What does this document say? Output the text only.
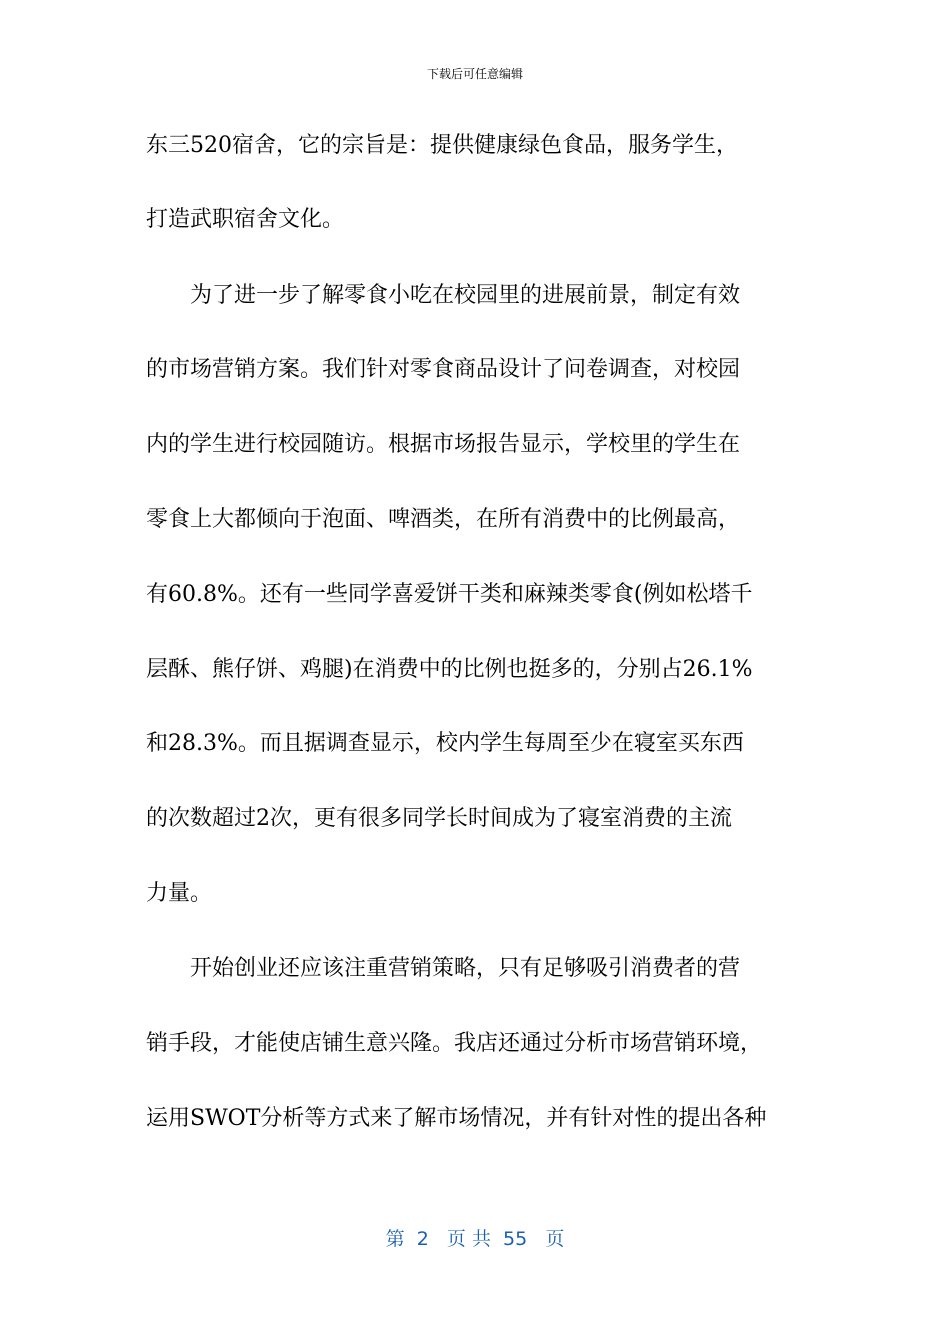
下载后可任意编辑
东三520宿舍，它的宗旨是：提供健康绿色食品，服务学生，
打造武职宿舍文化。
为了进一步了解零食小吃在校园里的进展前景，制定有效
的市场营销方案。我们针对零食商品设计了问卷调查，对校园
内的学生进行校园随访。根据市场报告显示，学校里的学生在
零食上大都倾向于泡面、啤酒类，在所有消费中的比例最高，
有60.8%。还有一些同学喜爱饼干类和麻辣类零食(例如松塔千
层酥、熊仔饼、鸡腿)在消费中的比例也挺多的，分别占26.1%
和28.3%。而且据调查显示，校内学生每周至少在寝室买东西
的次数超过2次，更有很多同学长时间成为了寝室消费的主流
力量。
开始创业还应该注重营销策略，只有足够吸引消费者的营
销手段，才能使店铺生意兴隆。我店还通过分析市场营销环境，
运用SWOT分析等方式来了解市场情况，并有针对性的提出各种
第  2   页 共  55   页
